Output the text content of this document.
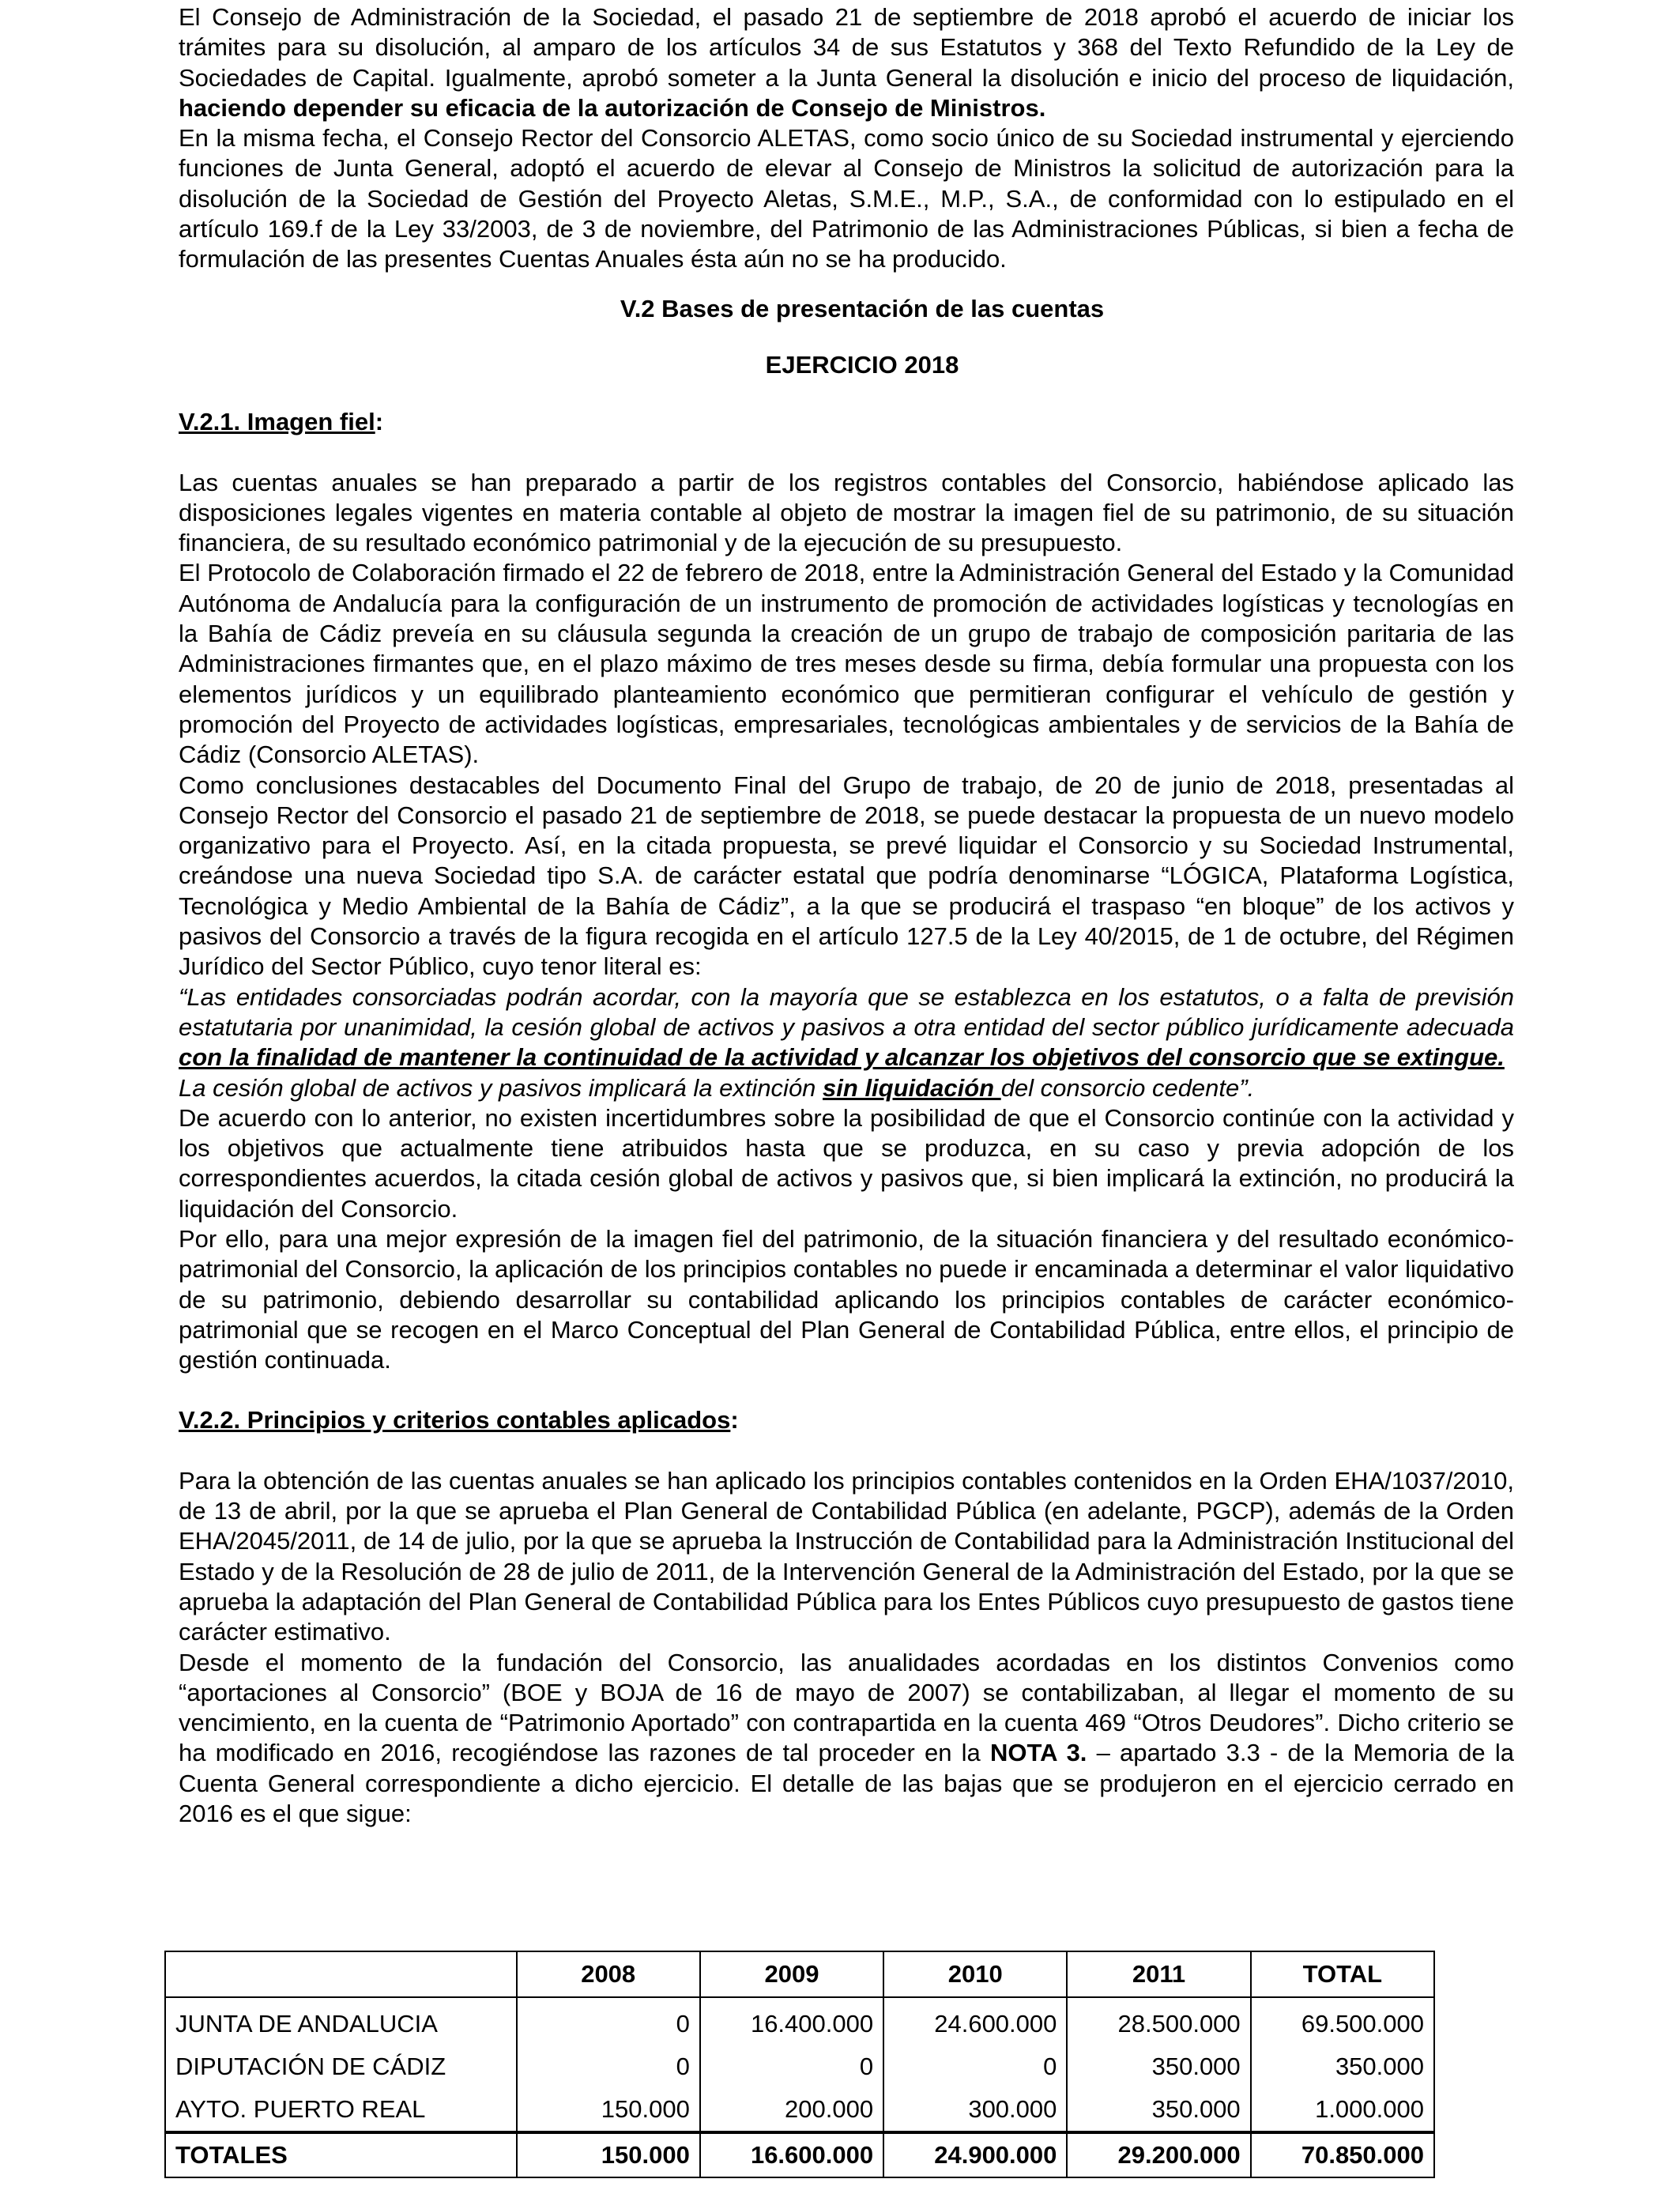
El Consejo de Administración de la Sociedad, el pasado 21 de septiembre de 2018 aprobó el acuerdo de iniciar los trámites para su disolución, al amparo de los artículos 34 de sus Estatutos y 368 del Texto Refundido de la Ley de Sociedades de Capital. Igualmente, aprobó someter a la Junta General la disolución e inicio del proceso de liquidación, haciendo depender su eficacia de la autorización de Consejo de Ministros.

En la misma fecha, el Consejo Rector del Consorcio ALETAS, como socio único de su Sociedad instrumental y ejerciendo funciones de Junta General, adoptó el acuerdo de elevar al Consejo de Ministros la solicitud de autorización para la disolución de la Sociedad de Gestión del Proyecto Aletas, S.M.E., M.P., S.A., de conformidad con lo estipulado en el artículo 169.f de la Ley 33/2003, de 3 de noviembre, del Patrimonio de las Administraciones Públicas, si bien a fecha de formulación de las presentes Cuentas Anuales ésta aún no se ha producido.

V.2 Bases de presentación de las cuentas

EJERCICIO 2018

V.2.1. Imagen fiel:

Las cuentas anuales se han preparado a partir de los registros contables del Consorcio, habiéndose aplicado las disposiciones legales vigentes en materia contable al objeto de mostrar la imagen fiel de su patrimonio, de su situación financiera, de su resultado económico patrimonial y de la ejecución de su presupuesto.

El Protocolo de Colaboración firmado el 22 de febrero de 2018, entre la Administración General del Estado y la Comunidad Autónoma de Andalucía para la configuración de un instrumento de promoción de actividades logísticas y tecnologías en la Bahía de Cádiz preveía en su cláusula segunda la creación de un grupo de trabajo de composición paritaria de las Administraciones firmantes que, en el plazo máximo de tres meses desde su firma, debía formular una propuesta con los elementos jurídicos y un equilibrado planteamiento económico que permitieran configurar el vehículo de gestión y promoción del Proyecto de actividades logísticas, empresariales, tecnológicas ambientales y de servicios de la Bahía de Cádiz (Consorcio ALETAS).

Como conclusiones destacables del Documento Final del Grupo de trabajo, de 20 de junio de 2018, presentadas al Consejo Rector del Consorcio el pasado 21 de septiembre de 2018, se puede destacar la propuesta de un nuevo modelo organizativo para el Proyecto. Así, en la citada propuesta, se prevé liquidar el Consorcio y su Sociedad Instrumental, creándose una nueva Sociedad tipo S.A. de carácter estatal que podría denominarse “LÓGICA, Plataforma Logística, Tecnológica y Medio Ambiental de la Bahía de Cádiz”, a la que se producirá el traspaso “en bloque” de los activos y pasivos del Consorcio a través de la figura recogida en el artículo 127.5 de la Ley 40/2015, de 1 de octubre, del Régimen Jurídico del Sector Público, cuyo tenor literal es:

“Las entidades consorciadas podrán acordar, con la mayoría que se establezca en los estatutos, o a falta de previsión estatutaria por unanimidad, la cesión global de activos y pasivos a otra entidad del sector público jurídicamente adecuada con la finalidad de mantener la continuidad de la actividad y alcanzar los objetivos del consorcio que se extingue.

La cesión global de activos y pasivos implicará la extinción sin liquidación del consorcio cedente”.

De acuerdo con lo anterior, no existen incertidumbres sobre la posibilidad de que el Consorcio continúe con la actividad y los objetivos que actualmente tiene atribuidos hasta que se produzca, en su caso y previa adopción de los correspondientes acuerdos, la citada cesión global de activos y pasivos que, si bien implicará la extinción, no producirá la liquidación del Consorcio.

Por ello, para una mejor expresión de la imagen fiel del patrimonio, de la situación financiera y del resultado económico-patrimonial del Consorcio, la aplicación de los principios contables no puede ir encaminada a determinar el valor liquidativo de su patrimonio, debiendo desarrollar su contabilidad aplicando los principios contables de carácter económico-patrimonial que se recogen en el Marco Conceptual del Plan General de Contabilidad Pública, entre ellos, el principio de gestión continuada.

V.2.2. Principios y criterios contables aplicados:

Para la obtención de las cuentas anuales se han aplicado los principios contables contenidos en la Orden EHA/1037/2010, de 13 de abril, por la que se aprueba el Plan General de Contabilidad Pública (en adelante, PGCP), además de la Orden EHA/2045/2011, de 14 de julio, por la que se aprueba la Instrucción de Contabilidad para la Administración Institucional del Estado y de la Resolución de 28 de julio de 2011, de la Intervención General de la Administración del Estado, por la que se aprueba la adaptación del Plan General de Contabilidad Pública para los Entes Públicos cuyo presupuesto de gastos tiene carácter estimativo.

Desde el momento de la fundación del Consorcio, las anualidades acordadas en los distintos Convenios como “aportaciones al Consorcio” (BOE y BOJA de 16 de mayo de 2007) se contabilizaban, al llegar el momento de su vencimiento, en la cuenta de “Patrimonio Aportado” con contrapartida en la cuenta 469 “Otros Deudores”. Dicho criterio se ha modificado en 2016, recogiéndose las razones de tal proceder en la NOTA 3. – apartado 3.3 - de la Memoria de la Cuenta General correspondiente a dicho ejercicio. El detalle de las bajas que se produjeron en el ejercicio cerrado en 2016 es el que sigue:

	2008	2009	2010	2011	TOTAL
JUNTA DE ANDALUCIA	0	16.400.000	24.600.000	28.500.000	69.500.000
DIPUTACIÓN DE CÁDIZ	0	0	0	350.000	350.000
AYTO. PUERTO REAL	150.000	200.000	300.000	350.000	1.000.000
TOTALES	150.000	16.600.000	24.900.000	29.200.000	70.850.000
